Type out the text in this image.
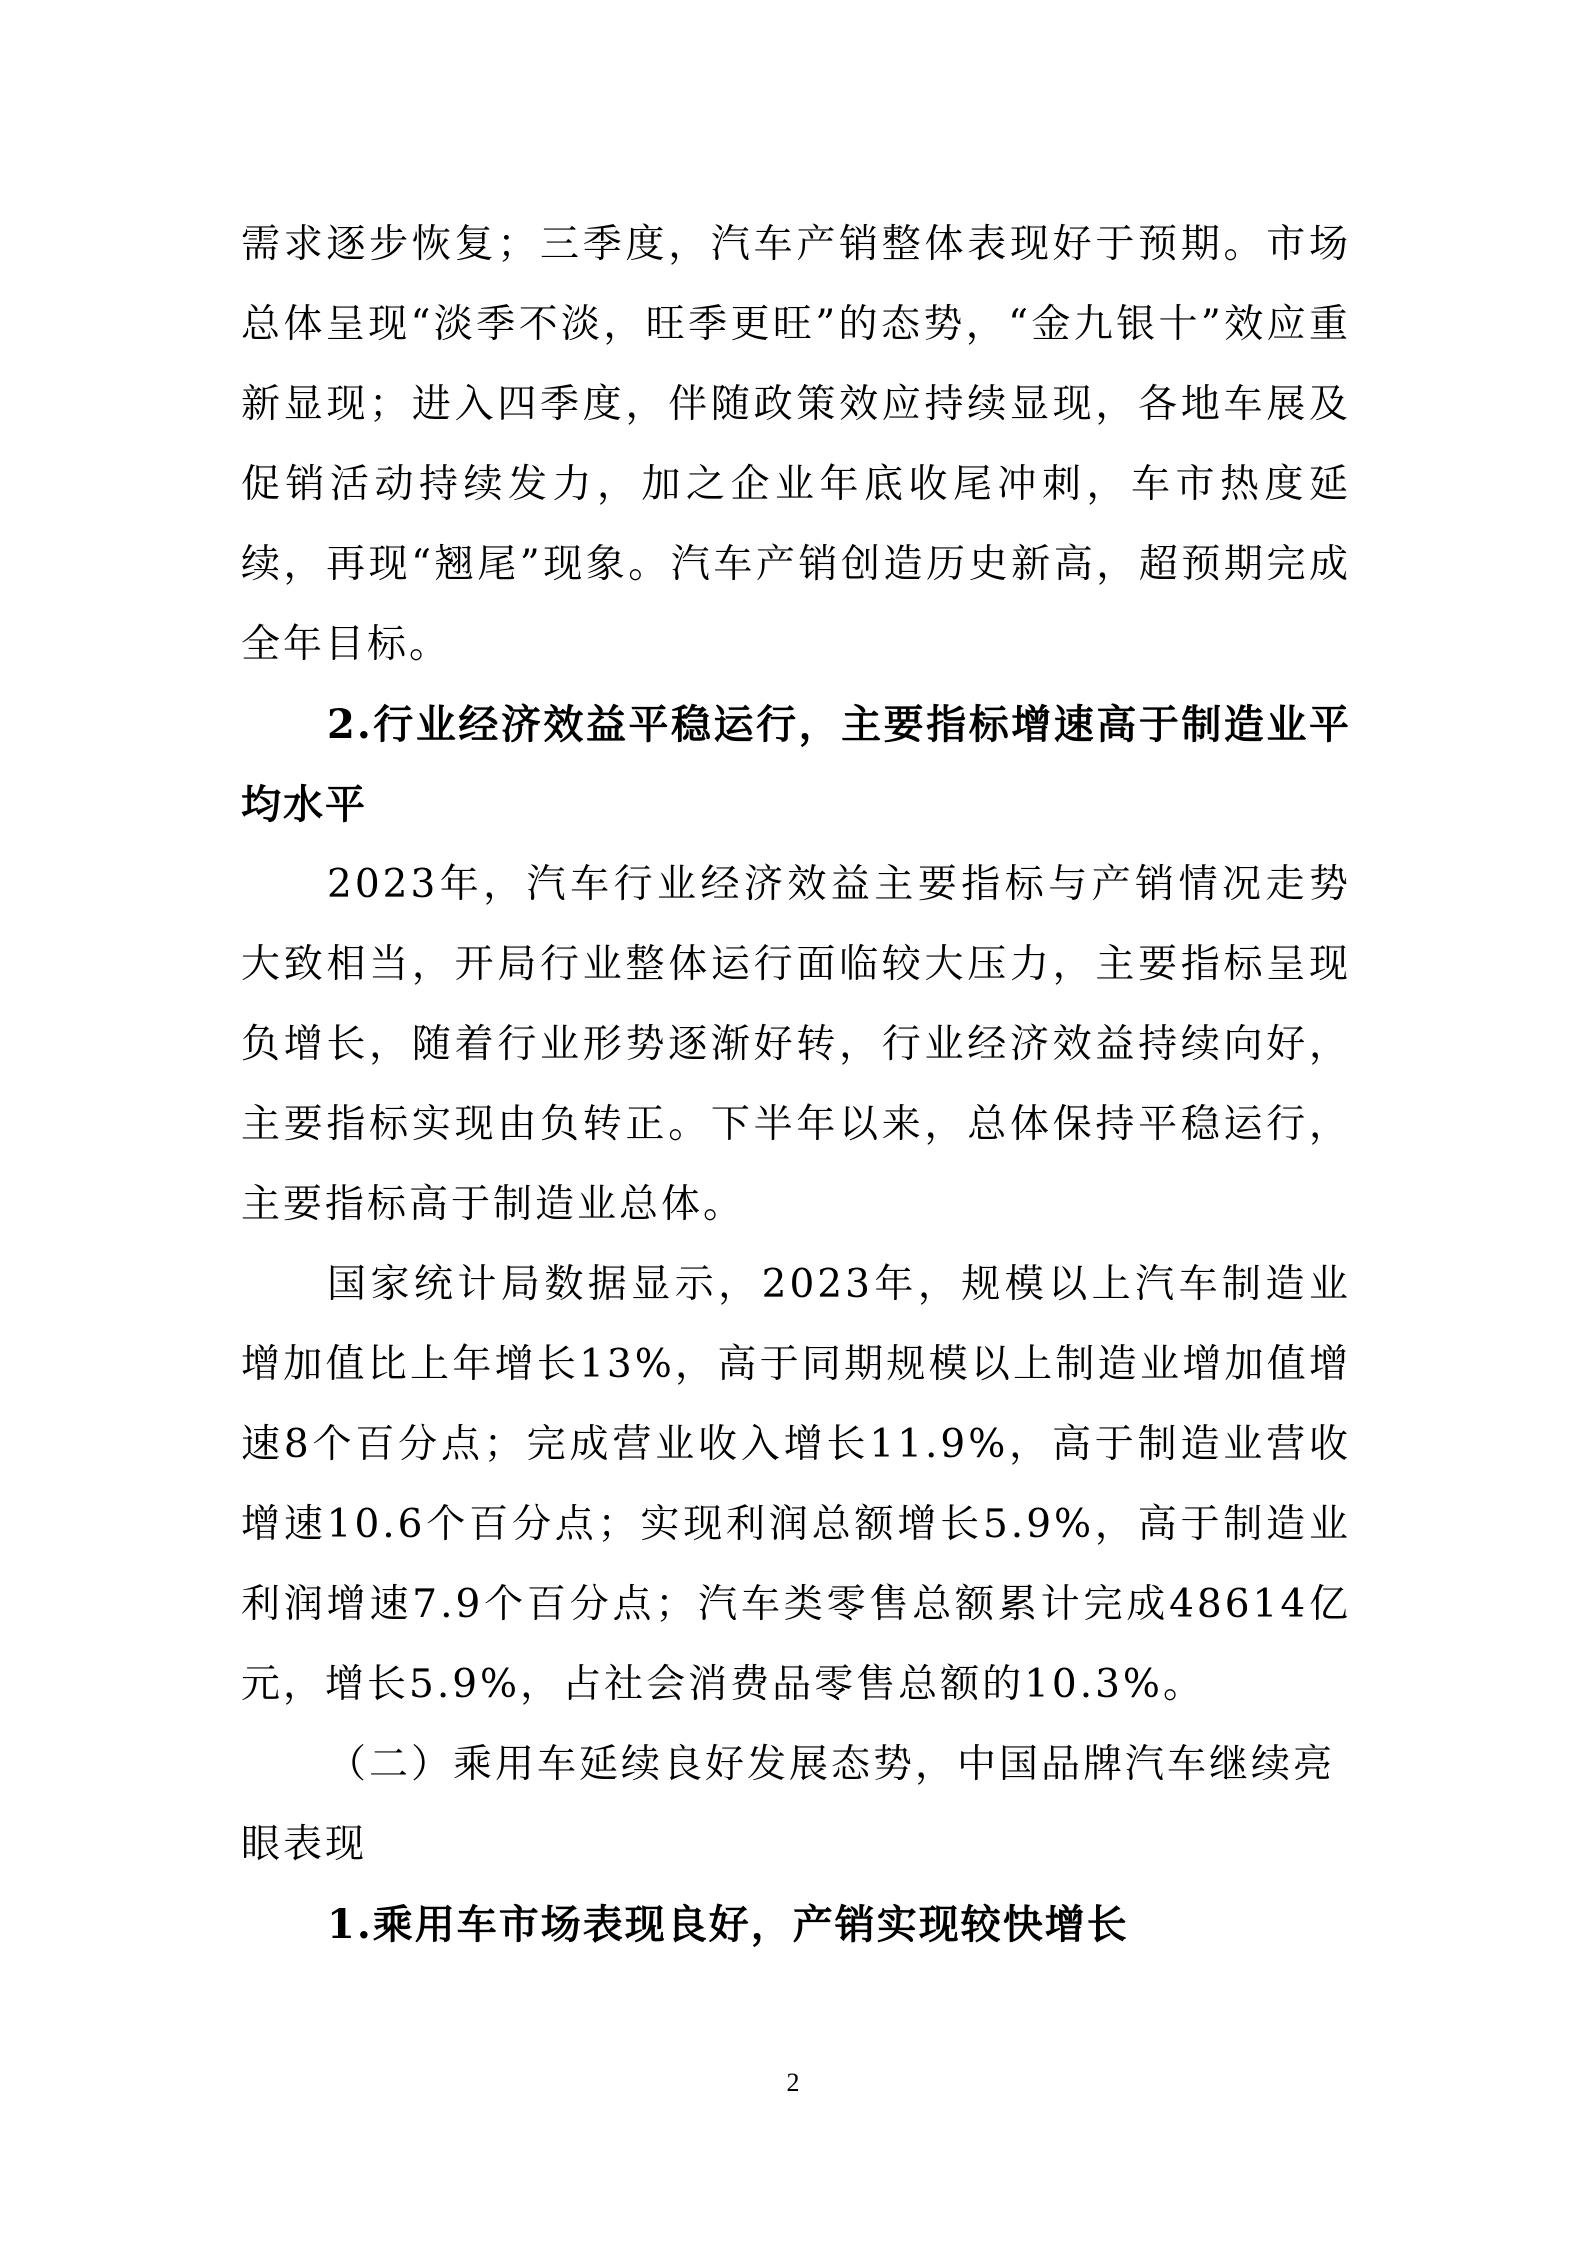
需求逐步恢复；三季度，汽车产销整体表现好于预期。市场总体呈现“淡季不淡，旺季更旺”的态势，“金九银十”效应重新显现；进入四季度，伴随政策效应持续显现，各地车展及促销活动持续发力，加之企业年底收尾冲刺，车市热度延续，再现“翘尾”现象。汽车产销创造历史新高，超预期完成全年目标。

2.行业经济效益平稳运行，主要指标增速高于制造业平均水平

2023年，汽车行业经济效益主要指标与产销情况走势大致相当，开局行业整体运行面临较大压力，主要指标呈现负增长，随着行业形势逐渐好转，行业经济效益持续向好，主要指标实现由负转正。下半年以来，总体保持平稳运行，主要指标高于制造业总体。

国家统计局数据显示，2023年，规模以上汽车制造业增加值比上年增长13%，高于同期规模以上制造业增加值增速8个百分点；完成营业收入增长11.9%，高于制造业营收增速10.6个百分点；实现利润总额增长5.9%，高于制造业利润增速7.9个百分点；汽车类零售总额累计完成48614亿元，增长5.9%，占社会消费品零售总额的10.3%。

（二）乘用车延续良好发展态势，中国品牌汽车继续亮眼表现

1.乘用车市场表现良好，产销实现较快增长

2
